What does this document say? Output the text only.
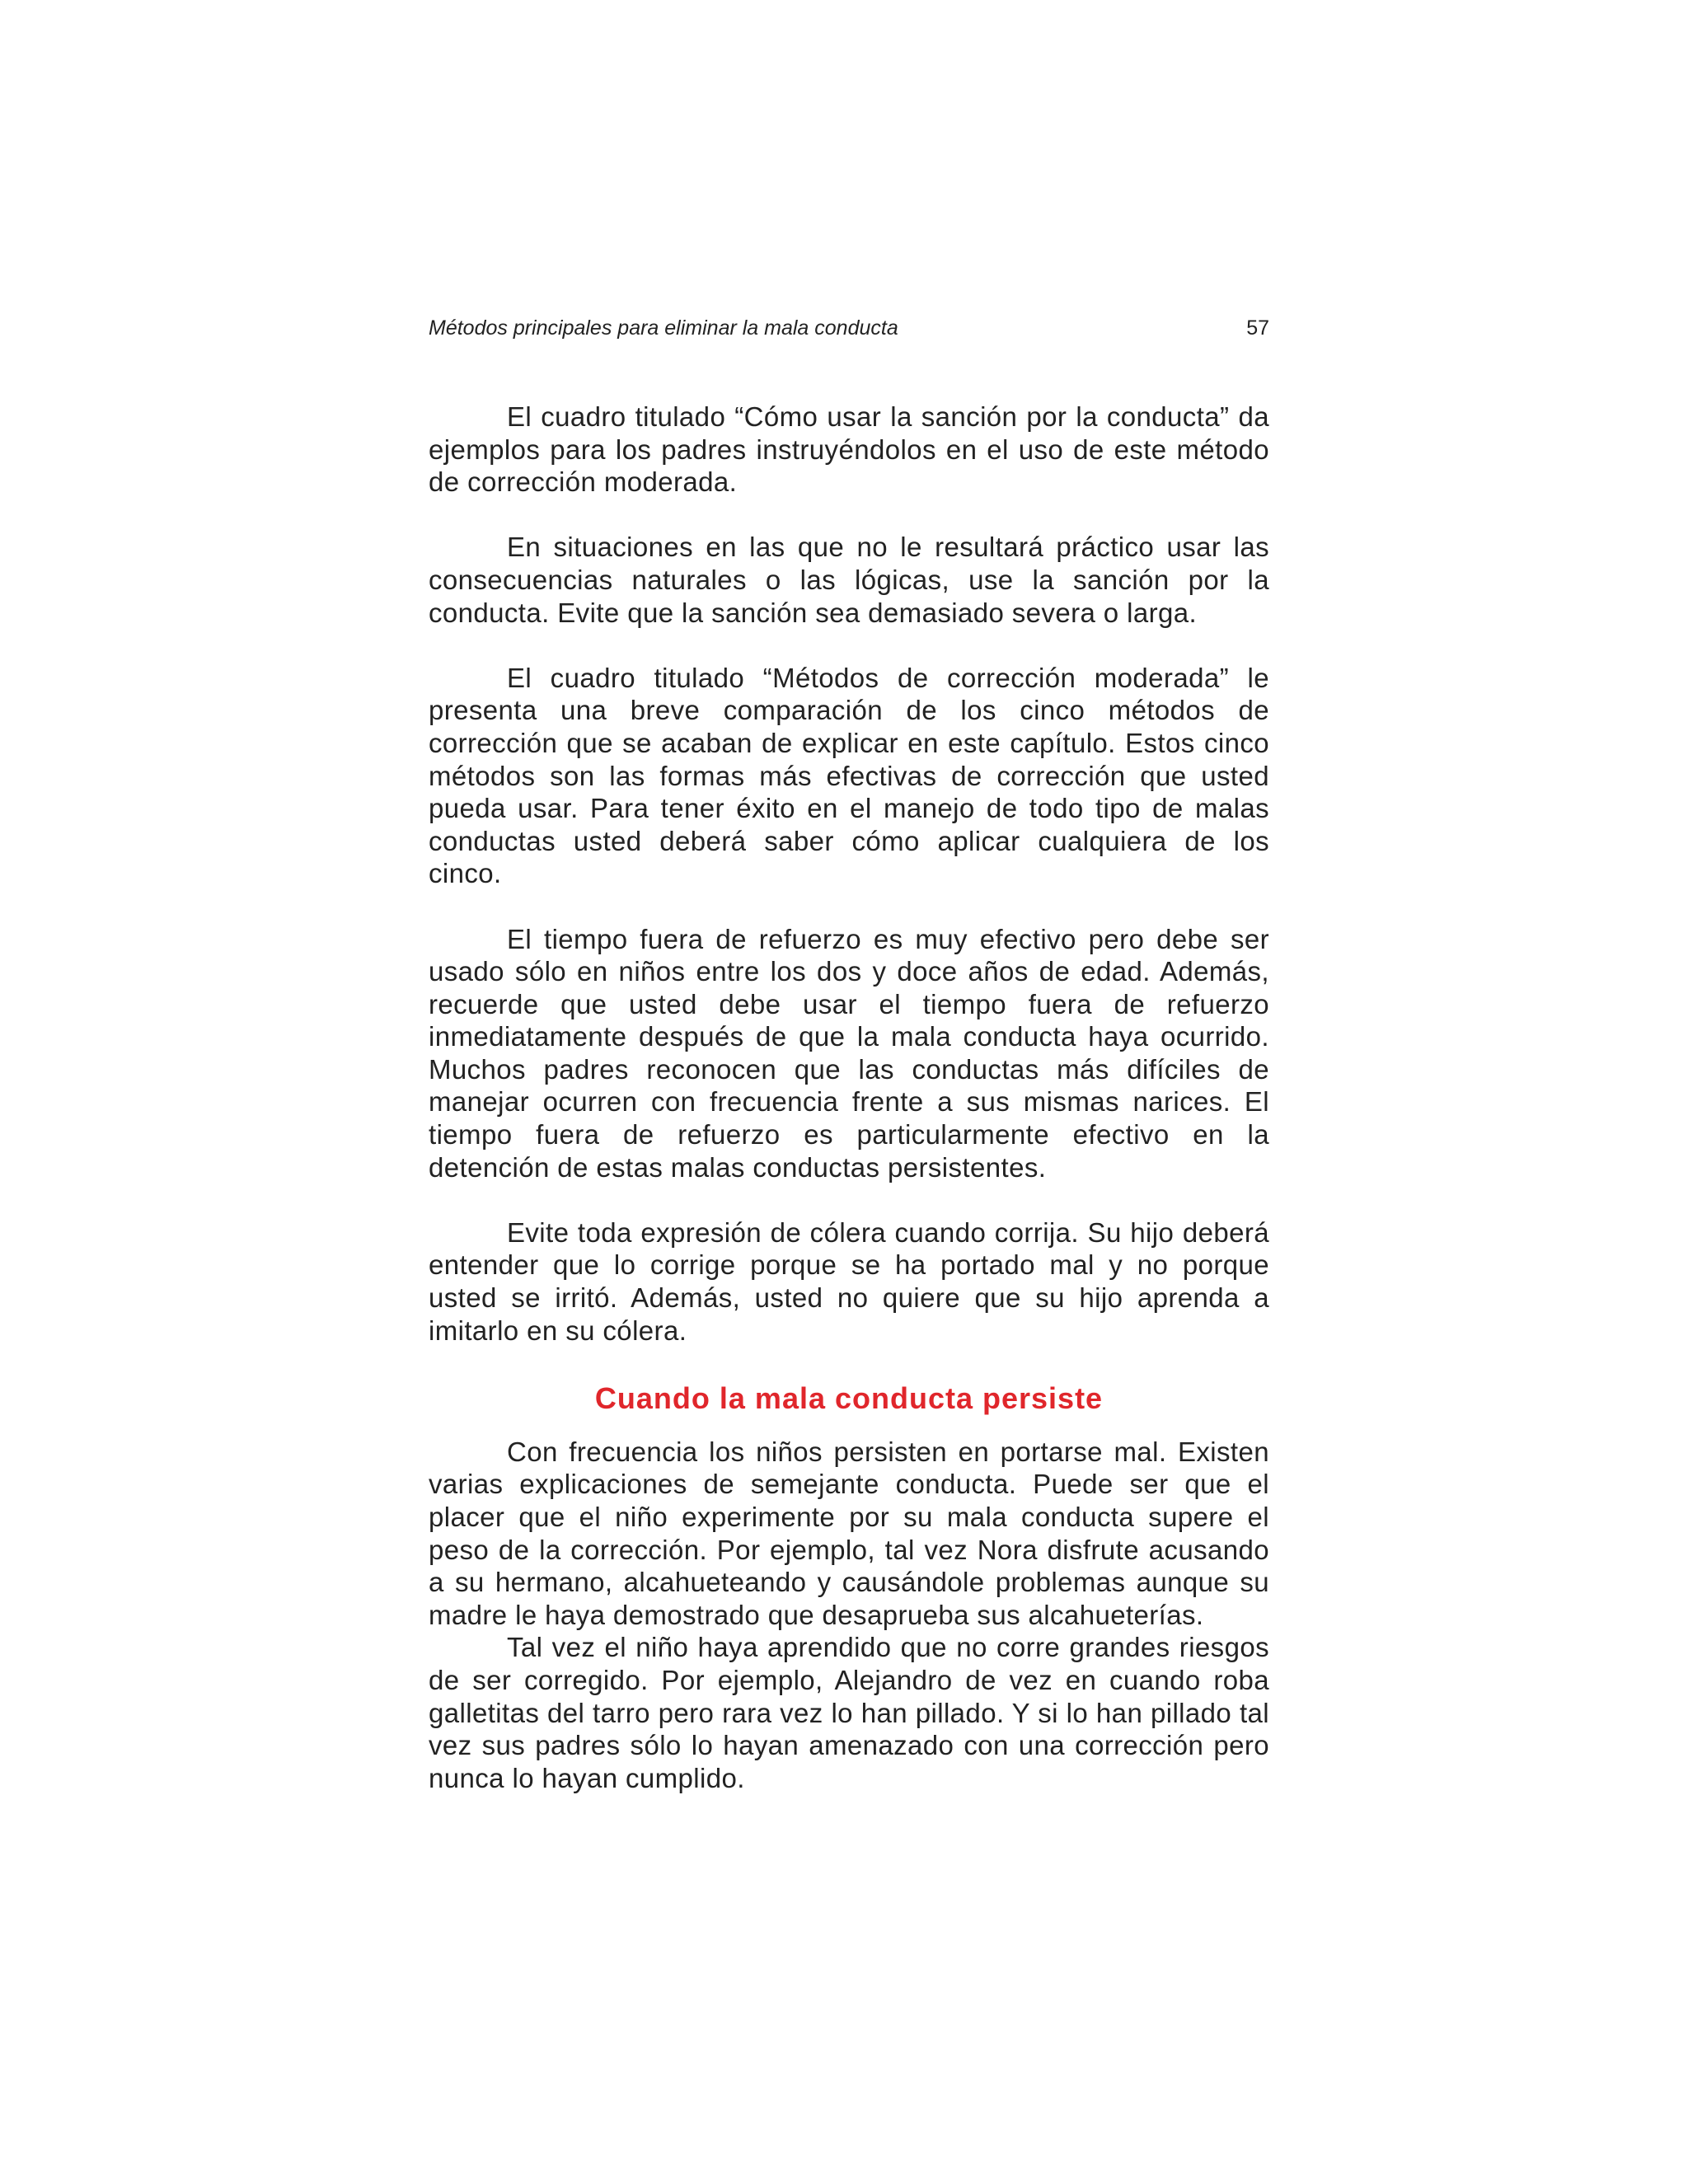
Métodos principales para eliminar la mala conducta	57

El cuadro titulado “Cómo usar la sanción por la conducta” da ejemplos para los padres instruyéndolos en el uso de este método de corrección moderada.

En situaciones en las que no le resultará práctico usar las consecuencias naturales o las lógicas, use la sanción por la conducta. Evite que la sanción sea demasiado severa o larga.

El cuadro titulado “Métodos de corrección moderada” le presenta una breve comparación de los cinco métodos de corrección que se acaban de explicar en este capítulo. Estos cinco métodos son las formas más efectivas de corrección que usted pueda usar. Para tener éxito en el manejo de todo tipo de malas conductas usted deberá saber cómo aplicar cualquiera de los cinco.

El tiempo fuera de refuerzo es muy efectivo pero debe ser usado sólo en niños entre los dos y doce años de edad. Además, recuerde que usted debe usar el tiempo fuera de refuerzo inmediatamente después de que la mala conducta haya ocurrido. Muchos padres reconocen que las conductas más difíciles de manejar ocurren con frecuencia frente a sus mismas narices. El tiempo fuera de refuerzo es particularmente efectivo en la detención de estas malas conductas persistentes.

Evite toda expresión de cólera cuando corrija. Su hijo deberá entender que lo corrige porque se ha portado mal y no porque usted se irritó. Además, usted no quiere que su hijo aprenda a imitarlo en su cólera.

Cuando la mala conducta persiste

Con frecuencia los niños persisten en portarse mal. Existen varias explicaciones de semejante conducta. Puede ser que el placer que el niño experimente por su mala conducta supere el peso de la corrección. Por ejemplo, tal vez Nora disfrute acusando a su hermano, alcahueteando y causándole problemas aunque su madre le haya demostrado que desaprueba sus alcahueterías.

Tal vez el niño haya aprendido que no corre grandes riesgos de ser corregido. Por ejemplo, Alejandro de vez en cuando roba galletitas del tarro pero rara vez lo han pillado. Y si lo han pillado tal vez sus padres sólo lo hayan amenazado con una corrección pero nunca lo hayan cumplido.
